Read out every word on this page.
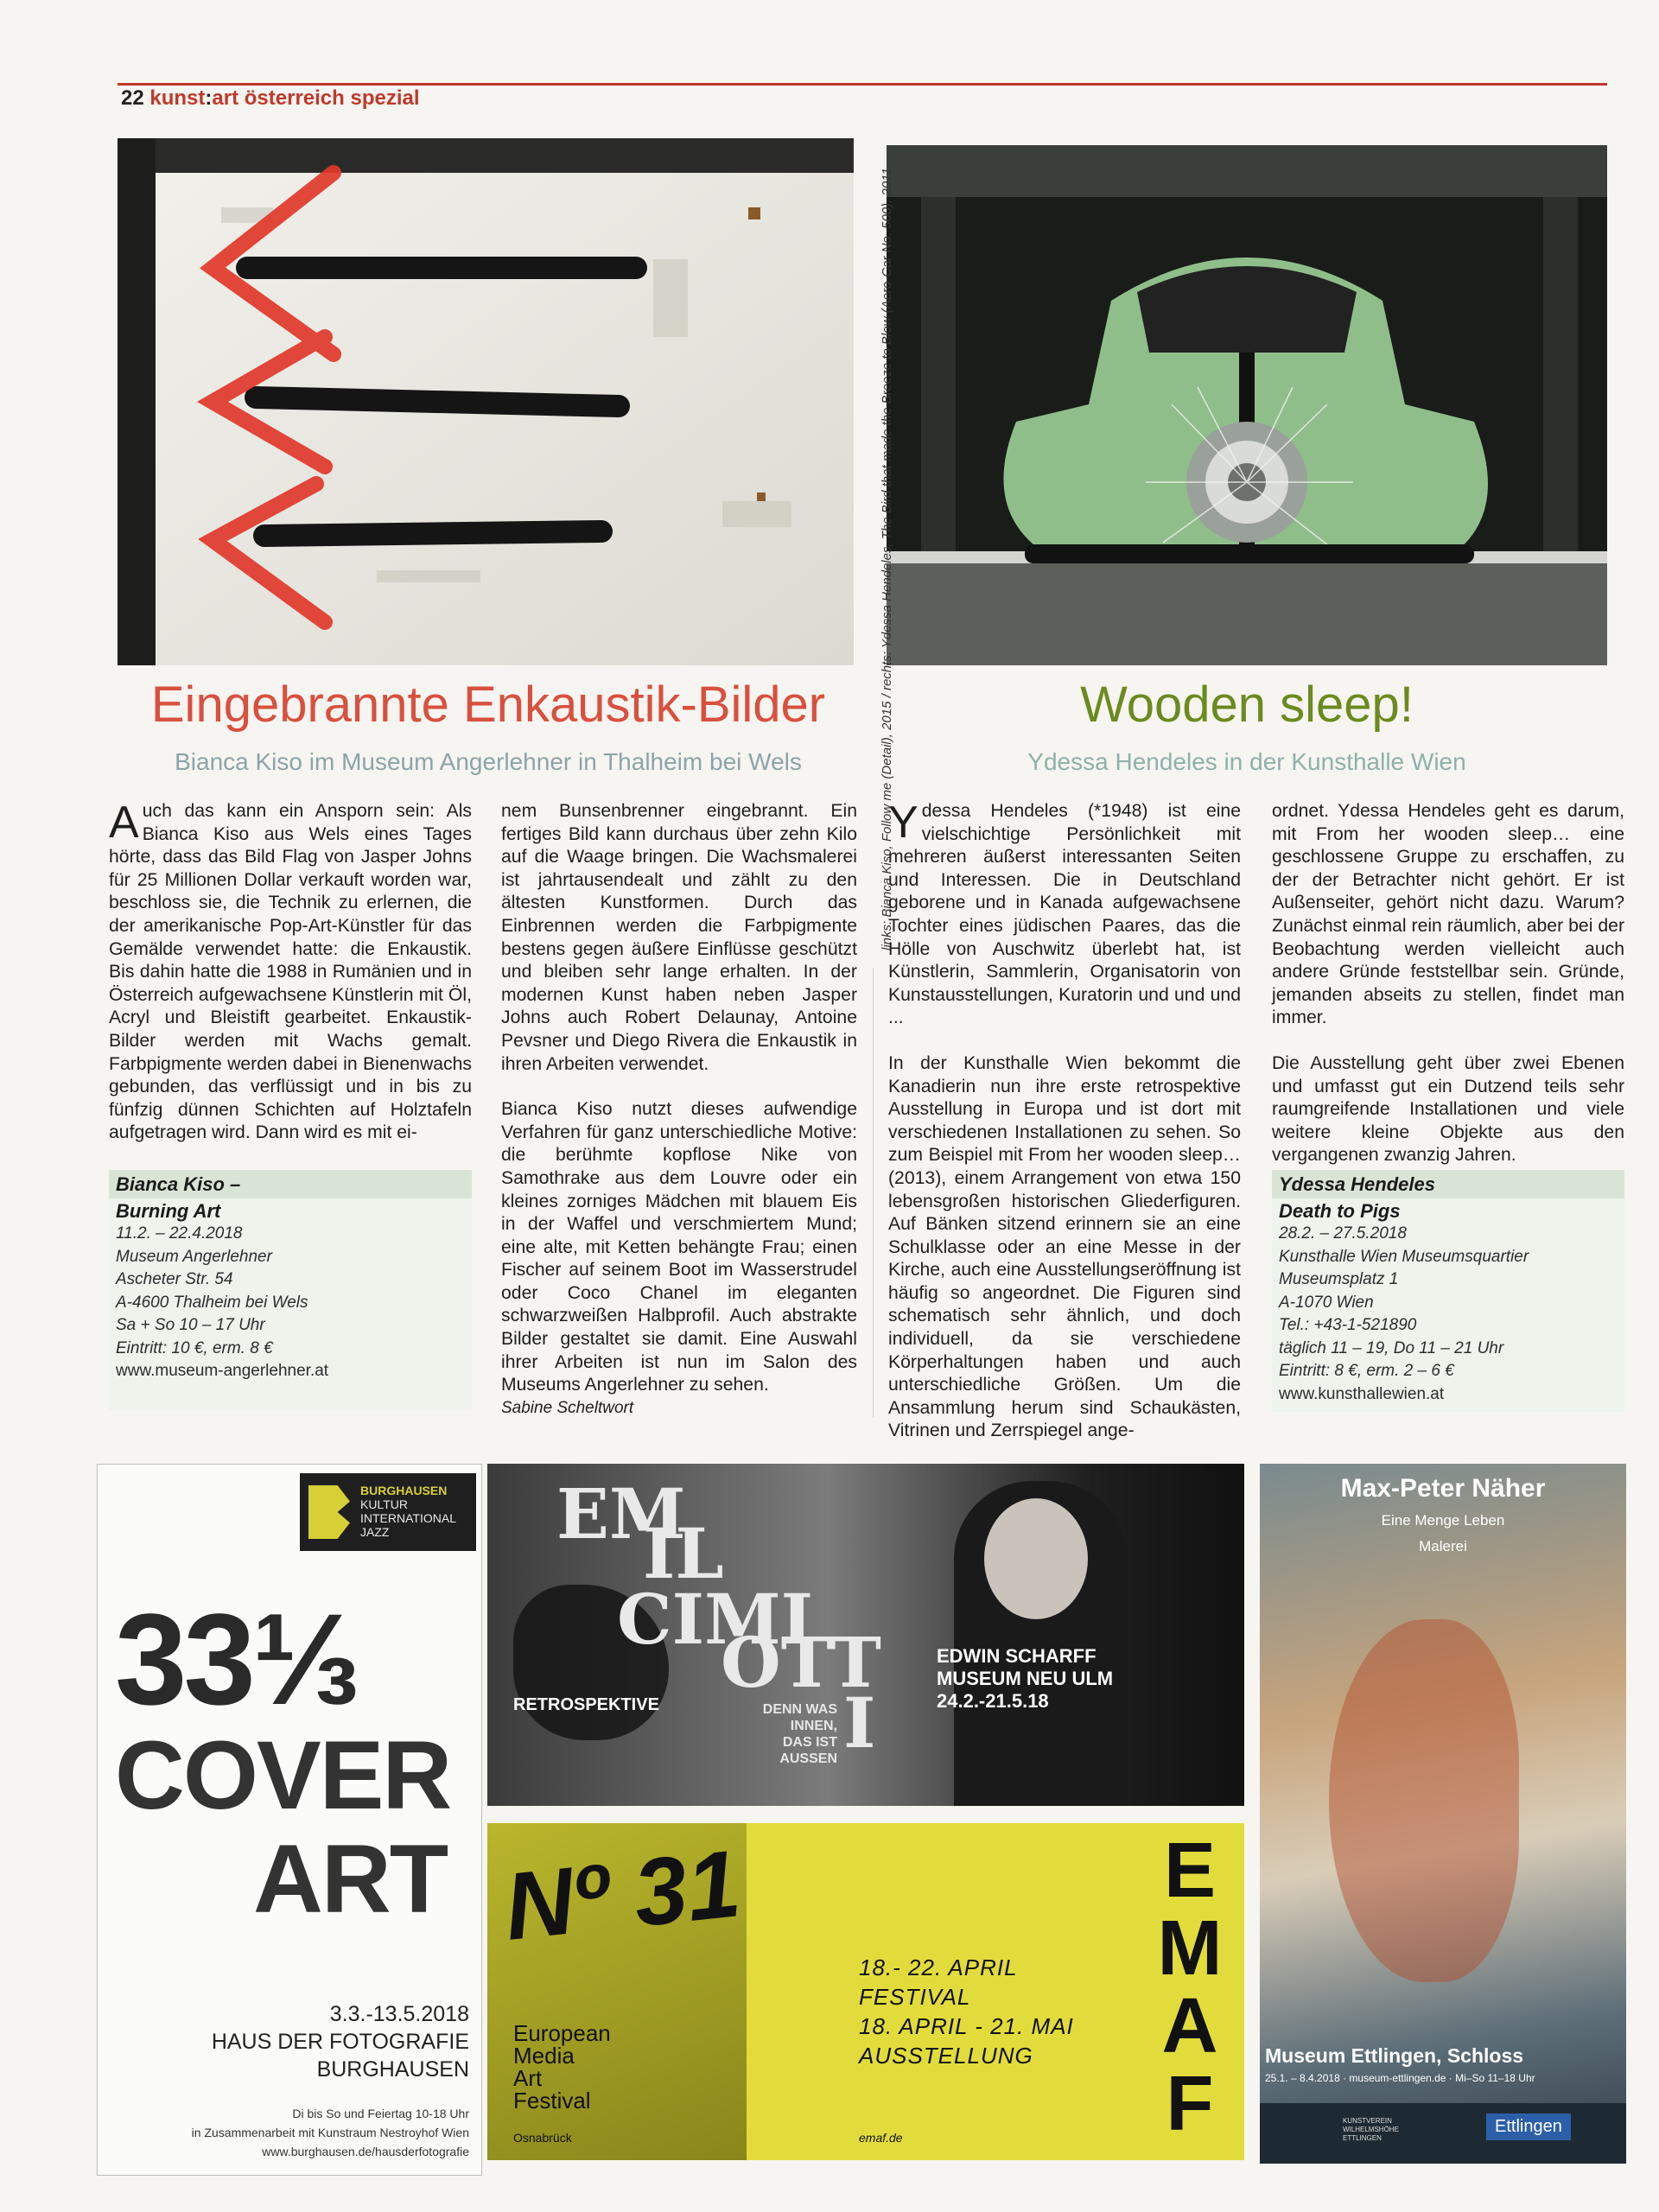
22 kunst:art österreich spezial
links: Bianca Kiso, Follow me (Detail), 2015 / rechts: Ydessa Hendeles, The Bird that made the Breeze to Blow (Aero-Car No. 500), 2011
Eingebrannte Enkaustik-Bilder
Bianca Kiso im Museum Angerlehner in Thalheim bei Wels
A uch das kann ein Ansporn sein: Als Bianca Kiso aus Wels eines Tages hörte, dass das Bild Flag von Jasper Johns für 25 Millionen Dollar verkauft worden war, beschloss sie, die Technik zu erlernen, die der amerikanische Pop-Art-Künstler für das Gemälde verwendet hatte: die Enkaustik. Bis dahin hatte die 1988 in Rumänien und in Österreich aufgewachsene Künstlerin mit Öl, Acryl und Bleistift gearbeitet. Enkaustik-Bilder werden mit Wachs gemalt. Farbpigmente werden dabei in Bienenwachs gebunden, das verflüssigt und in bis zu fünfzig dünnen Schichten auf Holztafeln aufgetragen wird. Dann wird es mit ei-

Bianca Kiso –
Burning Art
11.2. – 22.4.2018
Museum Angerlehner
Ascheter Str. 54
A-4600 Thalheim bei Wels
Sa + So 10 – 17 Uhr
Eintritt: 10 €, erm. 8 €
www.museum-angerlehner.at

nem Bunsenbrenner eingebrannt. Ein fertiges Bild kann durchaus über zehn Kilo auf die Waage bringen. Die Wachsmalerei ist jahrtausendealt und zählt zu den ältesten Kunstformen. Durch das Einbrennen werden die Farbpigmente bestens gegen äußere Einflüsse geschützt und bleiben sehr lange erhalten. In der modernen Kunst haben neben Jasper Johns auch Robert Delaunay, Antoine Pevsner und Diego Rivera die Enkaustik in ihren Arbeiten verwendet.

Bianca Kiso nutzt dieses aufwendige Verfahren für ganz unterschiedliche Motive: die berühmte kopflose Nike von Samothrake aus dem Louvre oder ein kleines zorniges Mädchen mit blauem Eis in der Waffel und verschmiertem Mund; eine alte, mit Ketten behängte Frau; einen Fischer auf seinem Boot im Wasserstrudel oder Coco Chanel im eleganten schwarzweißen Halbprofil. Auch abstrakte Bilder gestaltet sie damit. Eine Auswahl ihrer Arbeiten ist nun im Salon des Museums Angerlehner zu sehen.

Sabine Scheltwort

Wooden sleep!
Ydessa Hendeles in der Kunsthalle Wien
Y dessa Hendeles (*1948) ist eine vielschichtige Persönlichkeit mit mehreren äußerst interessanten Seiten und Interessen. Die in Deutschland geborene und in Kanada aufgewachsene Tochter eines jüdischen Paares, das die Hölle von Auschwitz überlebt hat, ist Künstlerin, Sammlerin, Organisatorin von Kunstausstellungen, Kuratorin und und und ...

In der Kunsthalle Wien bekommt die Kanadierin nun ihre erste retrospektive Ausstellung in Europa und ist dort mit verschiedenen Installationen zu sehen. So zum Beispiel mit From her wooden sleep… (2013), einem Arrangement von etwa 150 lebensgroßen historischen Gliederfiguren. Auf Bänken sitzend erinnern sie an eine Schulklasse oder an eine Messe in der Kirche, auch eine Ausstellungseröffnung ist häufig so angeordnet. Die Figuren sind schematisch sehr ähnlich, und doch individuell, da sie verschiedene Körperhaltungen haben und auch unterschiedliche Größen. Um die Ansammlung herum sind Schaukästen, Vitrinen und Zerrspiegel ange-

ordnet. Ydessa Hendeles geht es darum, mit From her wooden sleep… eine geschlossene Gruppe zu erschaffen, zu der der Betrachter nicht gehört. Er ist Außenseiter, gehört nicht dazu. Warum? Zunächst einmal rein räumlich, aber bei der Beobachtung werden vielleicht auch andere Gründe feststellbar sein. Gründe, jemanden abseits zu stellen, findet man immer.

Die Ausstellung geht über zwei Ebenen und umfasst gut ein Dutzend teils sehr raumgreifende Installationen und viele weitere kleine Objekte aus den vergangenen zwanzig Jahren.

Ydessa Hendeles
Death to Pigs
28.2. – 27.5.2018
Kunsthalle Wien Museumsquartier
Museumsplatz 1
A-1070 Wien
Tel.: +43-1-521890
täglich 11 – 19, Do 11 – 21 Uhr
Eintritt: 8 €, erm. 2 – 6 €
www.kunsthallewien.at
BURGHAUSEN
KULTUR
INTERNATIONAL
JAZZ
33⅓
COVER
ART
3.3.-13.5.2018
HAUS DER FOTOGRAFIE
BURGHAUSEN
Di bis So und Feiertag 10-18 Uhr
in Zusammenarbeit mit Kunstraum Nestroyhof Wien
www.burghausen.de/hausderfotografie
EM
IL
CIMI
OTT
I
RETROSPEKTIVE	DENN WAS
INNEN,
DAS IST
AUSSEN
EDWIN SCHARFF
MUSEUM NEU ULM
24.2.-21.5.18
Nº 31
18.- 22. APRIL
FESTIVAL
18. APRIL - 21. MAI
AUSSTELLUNG
European
Media
Art
Festival
Osnabrück
EMAF
emaf.de
Max-Peter Näher
Eine Menge Leben
Malerei
Museum Ettlingen, Schloss
25.1. – 8.4.2018 · museum-ettlingen.de · Mi–So 11–18 Uhr
KUNSTVEREIN WILHELMSHÖHE ETTLINGEN
Ettlingen
